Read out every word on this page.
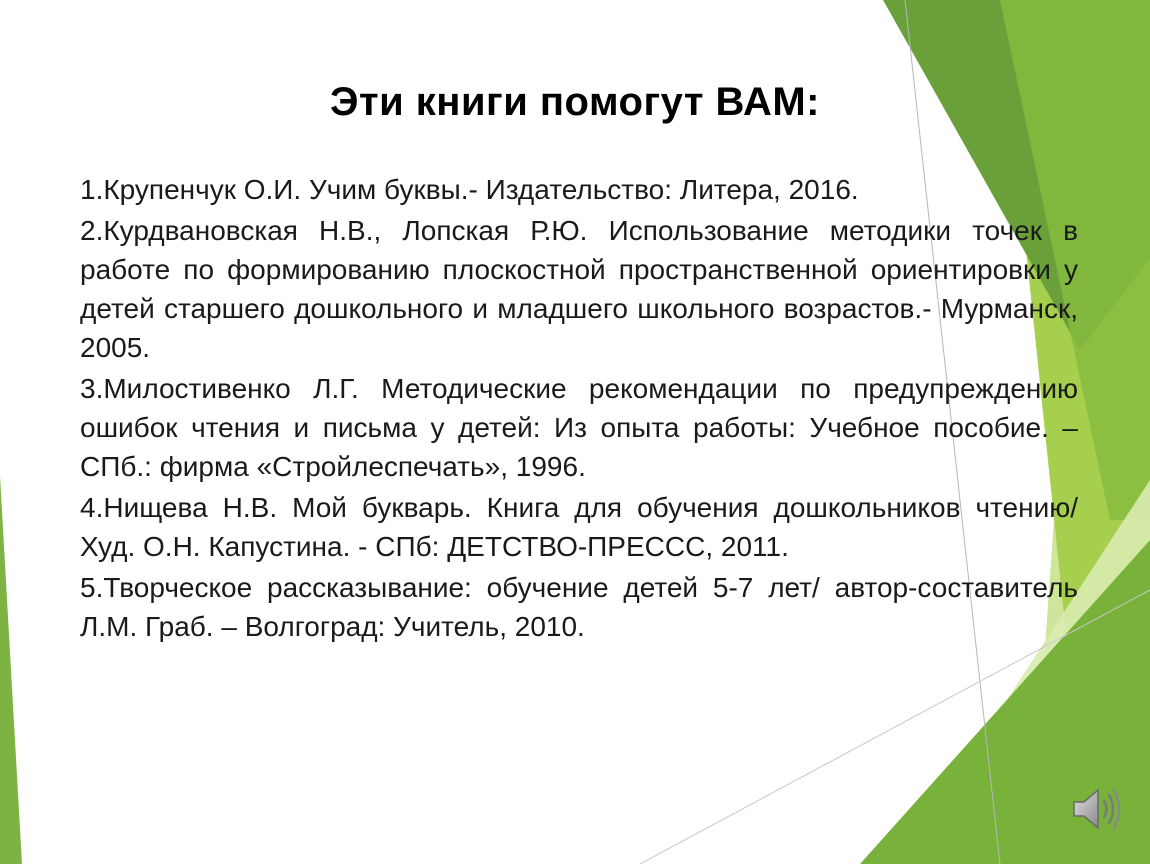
Эти книги помогут ВАМ:
1.Крупенчук О.И. Учим буквы.- Издательство: Литера, 2016.
2.Курдвановская Н.В., Лопская Р.Ю. Использование методики точек в работе по формированию плоскостной пространственной ориентировки у детей старшего дошкольного и младшего школьного возрастов.- Мурманск, 2005.
3.Милостивенко Л.Г. Методические рекомендации по предупреждению ошибок чтения и письма у детей: Из опыта работы: Учебное пособие. – СПб.: фирма «Стройлеспечать», 1996.
4.Нищева Н.В. Мой букварь. Книга для обучения дошкольников чтению/ Худ. О.Н. Капустина. - СПб: ДЕТСТВО-ПРЕССС, 2011.
5.Творческое рассказывание: обучение детей 5-7 лет/ автор-составитель Л.М. Граб. – Волгоград: Учитель, 2010.
